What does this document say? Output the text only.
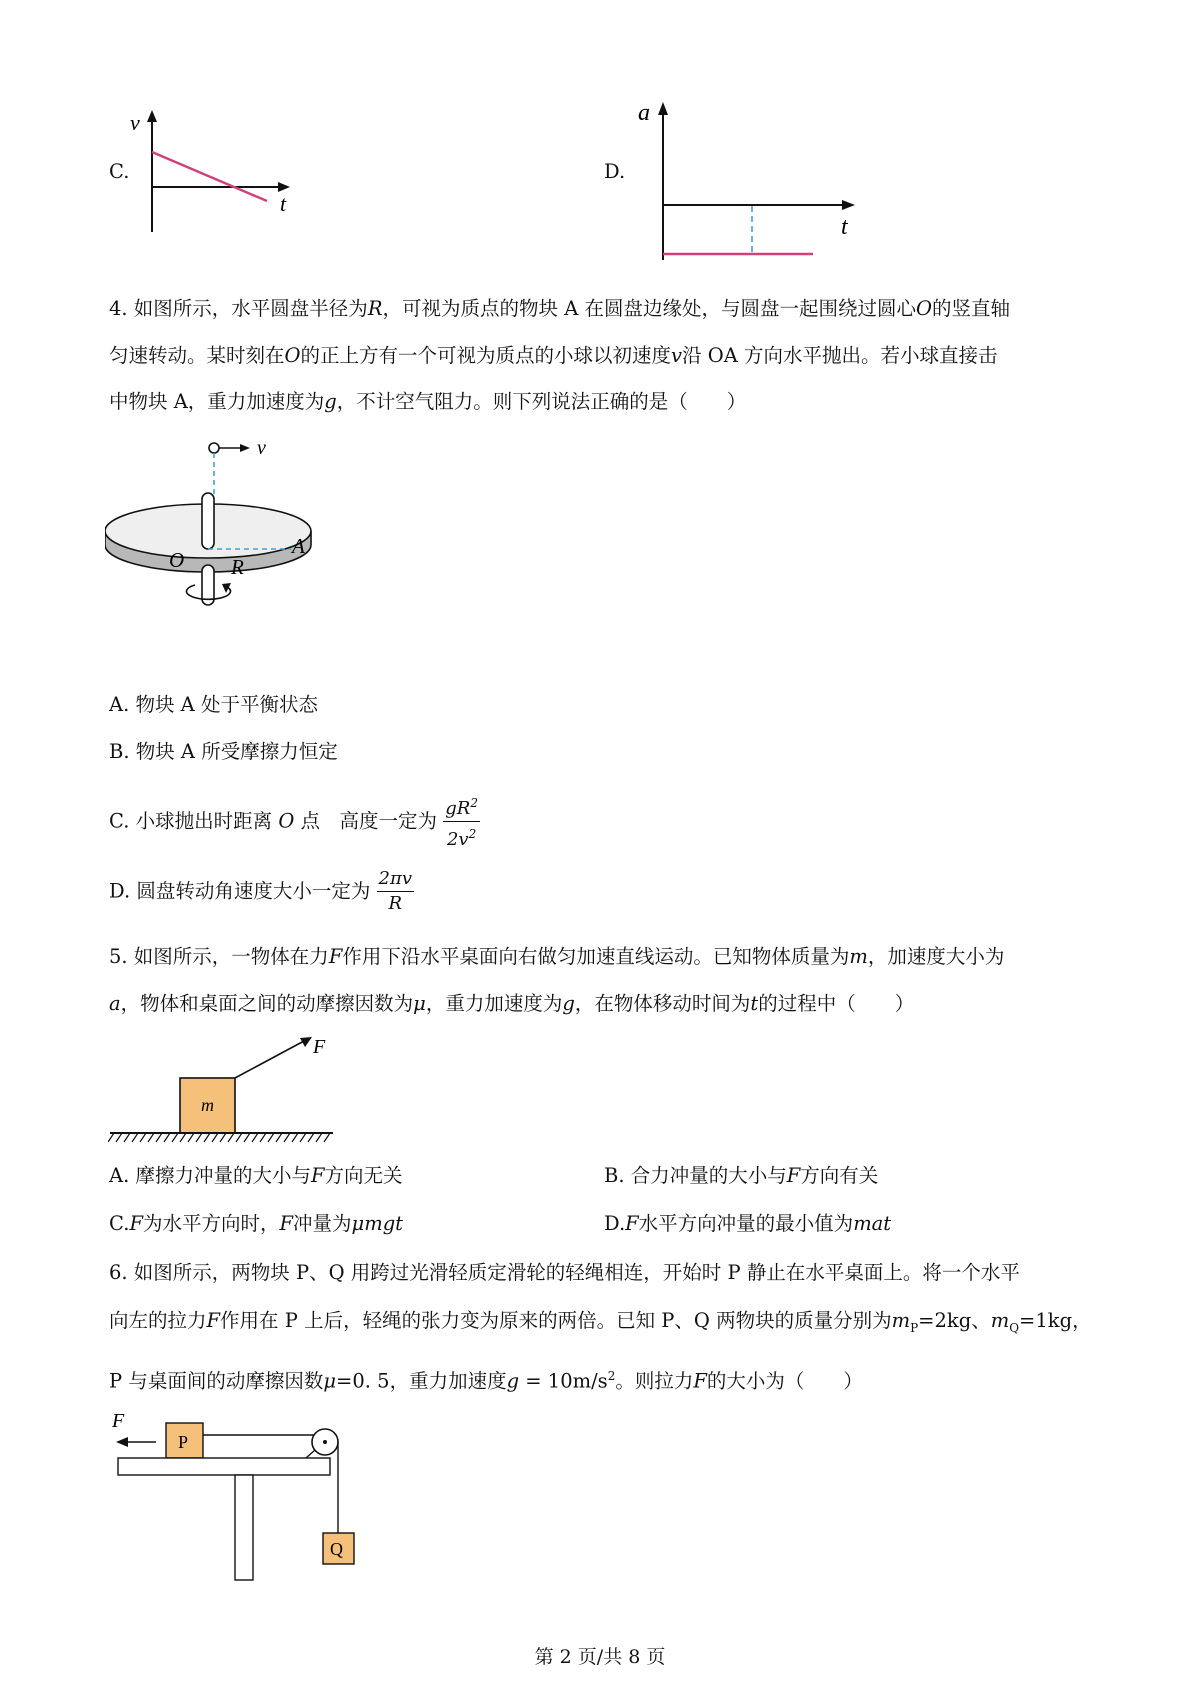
C.
v
t
D.
a
t
4. 如图所示，水平圆盘半径为R，可视为质点的物块 A 在圆盘边缘处，与圆盘一起围绕过圆心O的竖直轴
匀速转动。某时刻在O的正上方有一个可视为质点的小球以初速度v沿 OA 方向水平抛出。若小球直接击
中物块 A，重力加速度为g，不计空气阻力。则下列说法正确的是（　　）
v
O R
A
A. 物块 A 处于平衡状态
B. 物块 A 所受摩擦力恒定
C. 小球抛出时距离 O 点　高度一定为 $\frac{gR^2}{2v^2}$
D. 圆盘转动角速度大小一定为 $\frac{2\pi v}{R}$
5. 如图所示，一物体在力F作用下沿水平桌面向右做匀加速直线运动。已知物体质量为m，加速度大小为
a，物体和桌面之间的动摩擦因数为μ，重力加速度为g，在物体移动时间为t的过程中（　　）
m
F
A. 摩擦力冲量的大小与F方向无关	B. 合力冲量的大小与F方向有关
C.F为水平方向时，F冲量为μmgt	D.F水平方向冲量的最小值为mat
6. 如图所示，两物块 P、Q 用跨过光滑轻质定滑轮的轻绳相连，开始时 P 静止在水平桌面上。将一个水平
向左的拉力F作用在 P 上后，轻绳的张力变为原来的两倍。已知 P、Q 两物块的质量分别为$m_P=2kg$、$m_Q=1kg$，
P 与桌面间的动摩擦因数μ=0. 5，重力加速度$g = 10m/s^2$。则拉力F的大小为（　　）
F
P
Q
第 2 页/共 8 页
